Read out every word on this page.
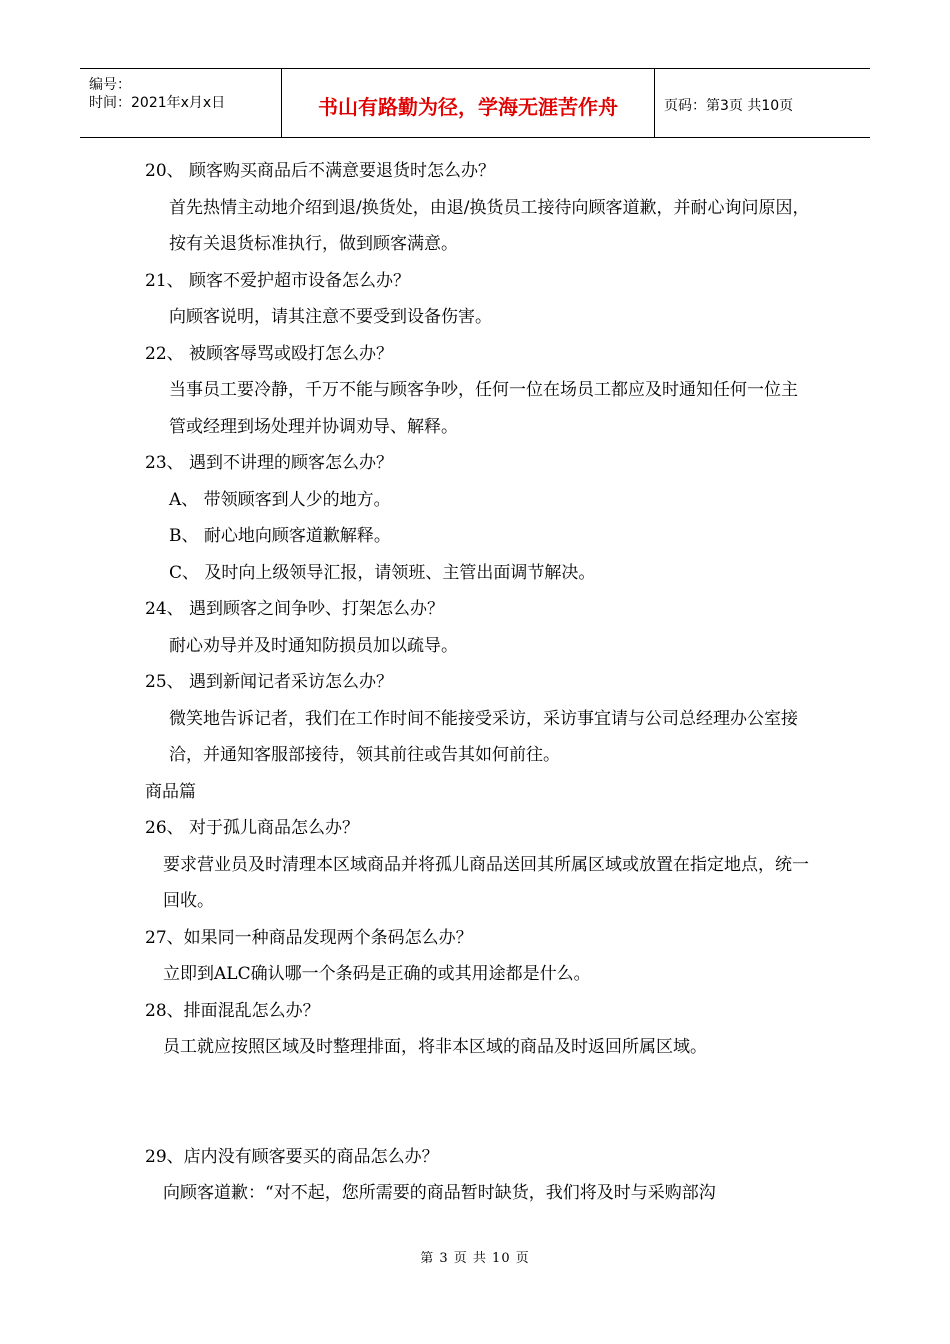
编号：
时间：2021年x月x日	书山有路勤为径，学海无涯苦作舟	页码：第3页 共10页

20、 顾客购买商品后不满意要退货时怎么办？

首先热情主动地介绍到退/换货处，由退/换货员工接待向顾客道歉，并耐心询问原因，按有关退货标准执行，做到顾客满意。

21、 顾客不爱护超市设备怎么办？

向顾客说明，请其注意不要受到设备伤害。

22、 被顾客辱骂或殴打怎么办？

当事员工要冷静，千万不能与顾客争吵，任何一位在场员工都应及时通知任何一位主管或经理到场处理并协调劝导、解释。

23、 遇到不讲理的顾客怎么办？

A、 带领顾客到人少的地方。

B、 耐心地向顾客道歉解释。

C、 及时向上级领导汇报，请领班、主管出面调节解决。

24、 遇到顾客之间争吵、打架怎么办？

耐心劝导并及时通知防损员加以疏导。

25、 遇到新闻记者采访怎么办？

微笑地告诉记者，我们在工作时间不能接受采访，采访事宜请与公司总经理办公室接洽，并通知客服部接待，领其前往或告其如何前往。

商品篇

26、 对于孤儿商品怎么办？

要求营业员及时清理本区域商品并将孤儿商品送回其所属区域或放置在指定地点，统一回收。

27、如果同一种商品发现两个条码怎么办？

立即到ALC确认哪一个条码是正确的或其用途都是什么。

28、排面混乱怎么办？

员工就应按照区域及时整理排面，将非本区域的商品及时返回所属区域。

29、店内没有顾客要买的商品怎么办？

向顾客道歉：“对不起，您所需要的商品暂时缺货，我们将及时与采购部沟

第 3 页 共 10 页
